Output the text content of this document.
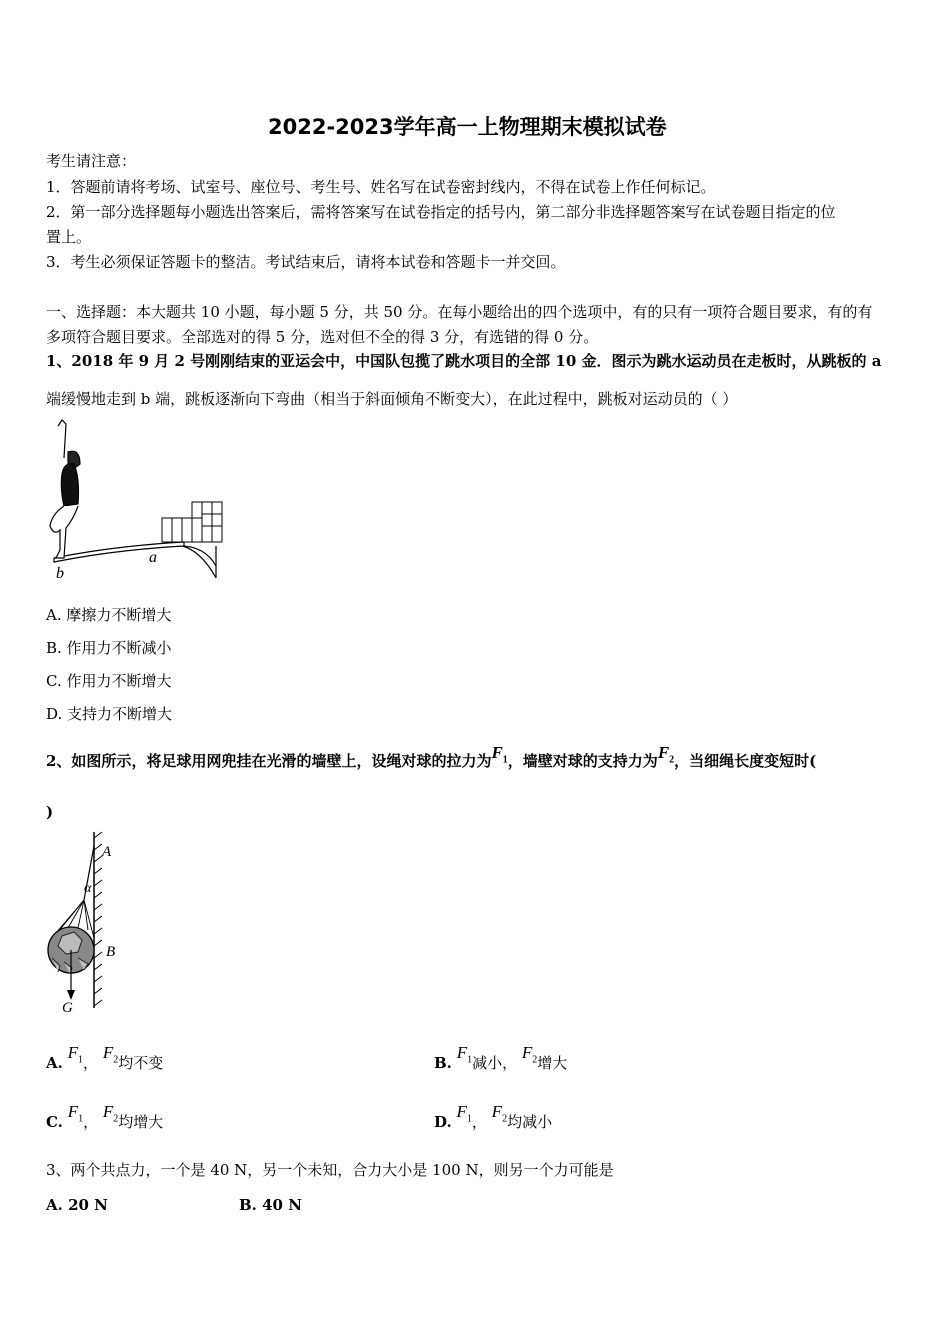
2022-2023学年高一上物理期末模拟试卷
考生请注意：
1．答题前请将考场、试室号、座位号、考生号、姓名写在试卷密封线内，不得在试卷上作任何标记。
2．第一部分选择题每小题选出答案后，需将答案写在试卷指定的括号内，第二部分非选择题答案写在试卷题目指定的位
置上。
3．考生必须保证答题卡的整洁。考试结束后，请将本试卷和答题卡一并交回。
一、选择题：本大题共 10 小题，每小题 5 分，共 50 分。在每小题给出的四个选项中，有的只有一项符合题目要求，有的有
多项符合题目要求。全部选对的得 5 分，选对但不全的得 3 分，有选错的得 0 分。
1、2018 年 9 月 2 号刚刚结束的亚运会中，中国队包揽了跳水项目的全部 10 金．图示为跳水运动员在走板时，从跳板的 a
端缓慢地走到 b 端，跳板逐渐向下弯曲（相当于斜面倾角不断变大），在此过程中，跳板对运动员的（ ）
a
b
A. 摩擦力不断增大
B. 作用力不断减小
C. 作用力不断增大
D. 支持力不断增大
2、如图所示，将足球用网兜挂在光滑的墙壁上，设绳对球的拉力为$F_1$，墙壁对球的支持力为$F_2$，当细绳长度变短时(
)
A
α
B
G
A. $F_1$， $F_2$均不变	B. $F_1$减小， $F_2$增大
C. $F_1$， $F_2$均增大	D. $F_1$， $F_2$均减小
3、两个共点力，一个是 40 N，另一个未知，合力大小是 100 N，则另一个力可能是
A. 20 N	B. 40 N
